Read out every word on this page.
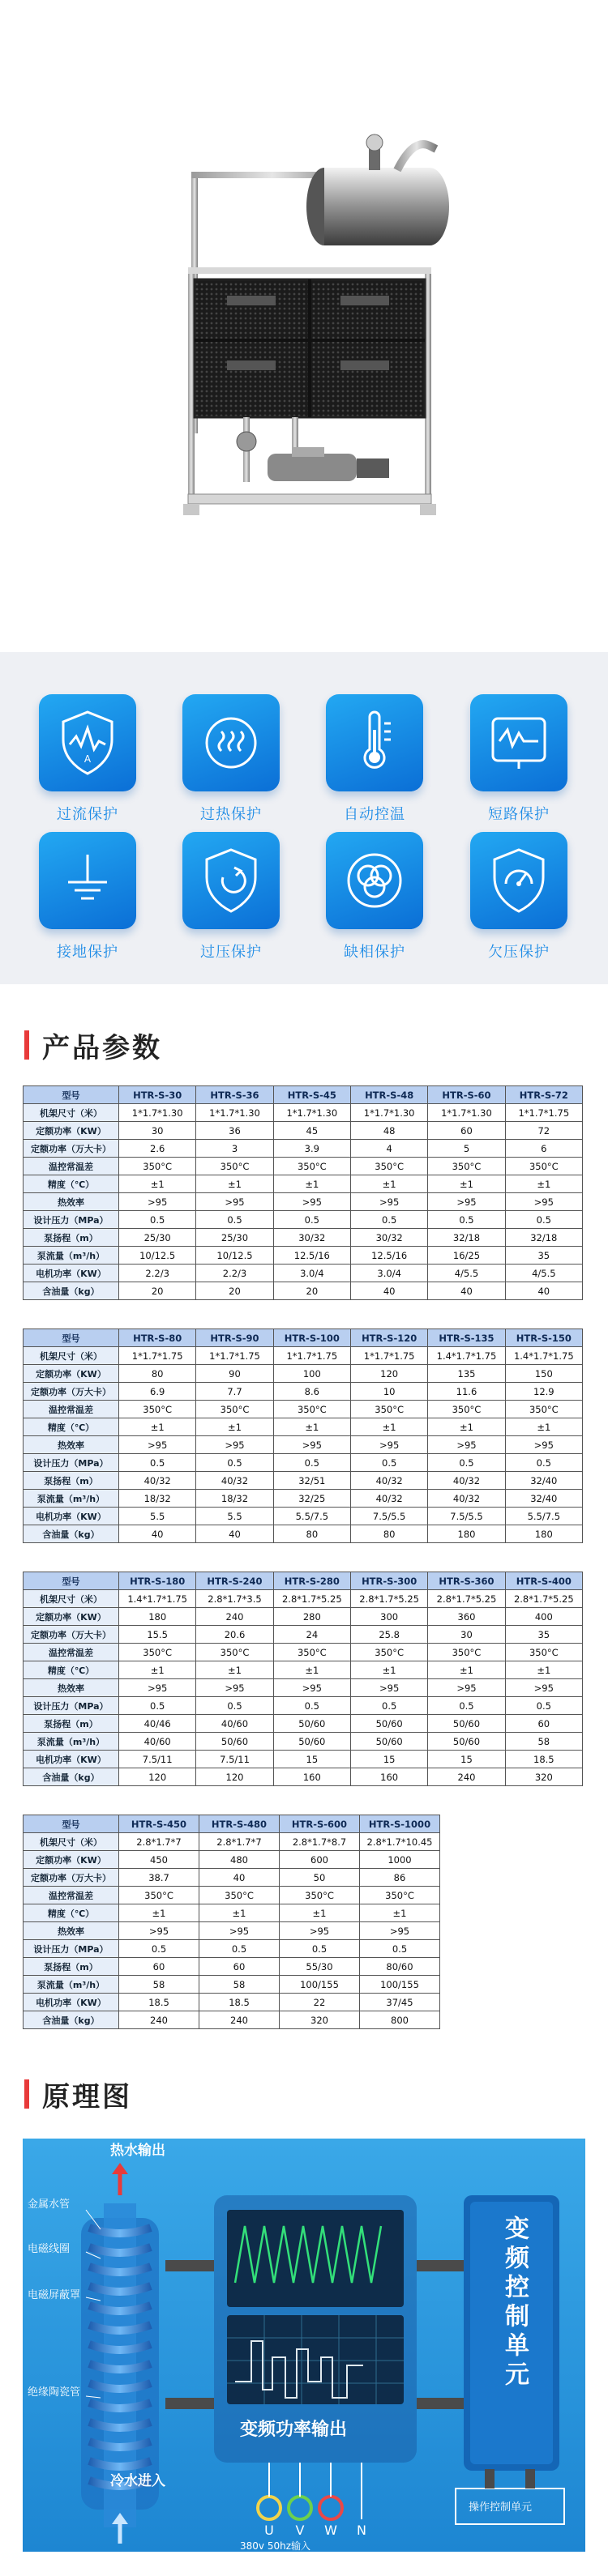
A
过流保护	过热保护	自动控温	短路保护
接地保护	过压保护	缺相保护	欠压保护
产品参数
型号	HTR-S-30	HTR-S-36	HTR-S-45	HTR-S-48	HTR-S-60	HTR-S-72
机架尺寸（米）	1*1.7*1.30	1*1.7*1.30	1*1.7*1.30	1*1.7*1.30	1*1.7*1.30	1*1.7*1.75
定额功率（KW）	30	36	45	48	60	72
定额功率（万大卡）	2.6	3	3.9	4	5	6
温控常温差	350°C	350°C	350°C	350°C	350°C	350°C
精度（℃）	±1	±1	±1	±1	±1	±1
热效率	>95	>95	>95	>95	>95	>95
设计压力（MPa）	0.5	0.5	0.5	0.5	0.5	0.5
泵扬程（m）	25/30	25/30	30/32	30/32	32/18	32/18
泵流量（m³/h）	10/12.5	10/12.5	12.5/16	12.5/16	16/25	35
电机功率（KW）	2.2/3	2.2/3	3.0/4	3.0/4	4/5.5	4/5.5
含油量（kg）	20	20	20	40	40	40
型号	HTR-S-80	HTR-S-90	HTR-S-100	HTR-S-120	HTR-S-135	HTR-S-150
机架尺寸（米）	1*1.7*1.75	1*1.7*1.75	1*1.7*1.75	1*1.7*1.75	1.4*1.7*1.75	1.4*1.7*1.75
定额功率（KW）	80	90	100	120	135	150
定额功率（万大卡）	6.9	7.7	8.6	10	11.6	12.9
温控常温差	350°C	350°C	350°C	350°C	350°C	350°C
精度（℃）	±1	±1	±1	±1	±1	±1
热效率	>95	>95	>95	>95	>95	>95
设计压力（MPa）	0.5	0.5	0.5	0.5	0.5	0.5
泵扬程（m）	40/32	40/32	32/51	40/32	40/32	32/40
泵流量（m³/h）	18/32	18/32	32/25	40/32	40/32	32/40
电机功率（KW）	5.5	5.5	5.5/7.5	7.5/5.5	7.5/5.5	5.5/7.5
含油量（kg）	40	40	80	80	180	180
型号	HTR-S-180	HTR-S-240	HTR-S-280	HTR-S-300	HTR-S-360	HTR-S-400
机架尺寸（米）	1.4*1.7*1.75	2.8*1.7*3.5	2.8*1.7*5.25	2.8*1.7*5.25	2.8*1.7*5.25	2.8*1.7*5.25
定额功率（KW）	180	240	280	300	360	400
定额功率（万大卡）	15.5	20.6	24	25.8	30	35
温控常温差	350°C	350°C	350°C	350°C	350°C	350°C
精度（℃）	±1	±1	±1	±1	±1	±1
热效率	>95	>95	>95	>95	>95	>95
设计压力（MPa）	0.5	0.5	0.5	0.5	0.5	0.5
泵扬程（m）	40/46	40/60	50/60	50/60	50/60	60
泵流量（m³/h）	40/60	50/60	50/60	50/60	50/60	58
电机功率（KW）	7.5/11	7.5/11	15	15	15	18.5
含油量（kg）	120	120	160	160	240	320
型号	HTR-S-450	HTR-S-480	HTR-S-600	HTR-S-1000
机架尺寸（米）	2.8*1.7*7	2.8*1.7*7	2.8*1.7*8.7	2.8*1.7*10.45
定额功率（KW）	450	480	600	1000
定额功率（万大卡）	38.7	40	50	86
温控常温差	350°C	350°C	350°C	350°C
精度（℃）	±1	±1	±1	±1
热效率	>95	>95	>95	>95
设计压力（MPa）	0.5	0.5	0.5	0.5
泵扬程（m）	60	60	55/30	80/60
泵流量（m³/h）	58	58	100/155	100/155
电机功率（KW）	18.5	18.5	22	37/45
含油量（kg）	240	240	320	800
原理图
热水输出
冷水进入
金属水管
电磁线圈
电磁屏蔽罩
绝缘陶瓷管
变频功率输出
变频控制单元
操作控制单元
U V W N
380v 50hz输入
